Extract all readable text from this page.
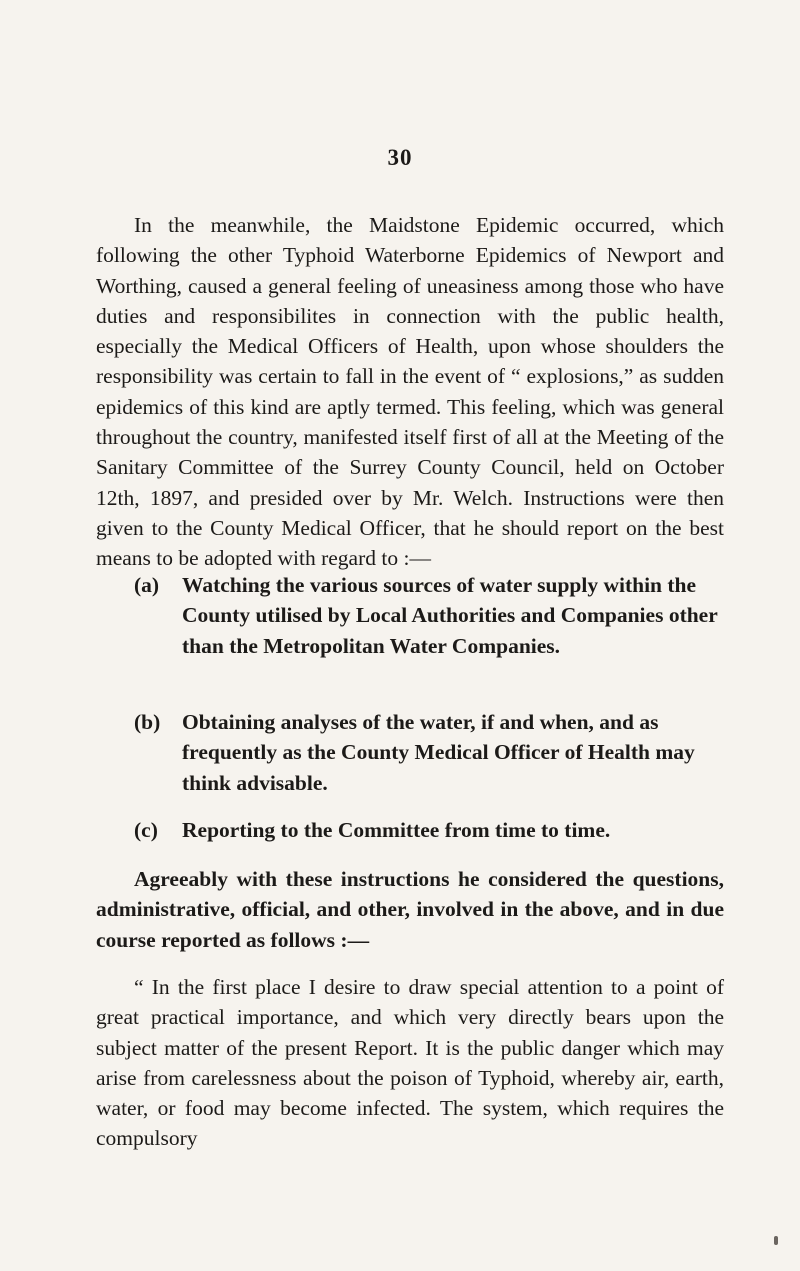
30
In the meanwhile, the Maidstone Epidemic occurred, which following the other Typhoid Waterborne Epidemics of Newport and Worthing, caused a general feeling of uneasiness among those who have duties and responsibilites in connection with the public health, especially the Medical Officers of Health, upon whose shoulders the responsibility was certain to fall in the event of “ explosions,” as sudden epidemics of this kind are aptly termed. This feeling, which was general throughout the country, manifested itself first of all at the Meeting of the Sanitary Committee of the Surrey County Council, held on October 12th, 1897, and presided over by Mr. Welch. Instructions were then given to the County Medical Officer, that he should report on the best means to be adopted with regard to :—
(a) Watching the various sources of water supply within the County utilised by Local Authorities and Companies other than the Metropolitan Water Companies.
(b) Obtaining analyses of the water, if and when, and as frequently as the County Medical Officer of Health may think advisable.
(c) Reporting to the Committee from time to time.
Agreeably with these instructions he considered the questions, administrative, official, and other, involved in the above, and in due course reported as follows :—
“ In the first place I desire to draw special attention to a point of great practical importance, and which very directly bears upon the subject matter of the present Report. It is the public danger which may arise from carelessness about the poison of Typhoid, whereby air, earth, water, or food may become infected. The system, which requires the compulsory
